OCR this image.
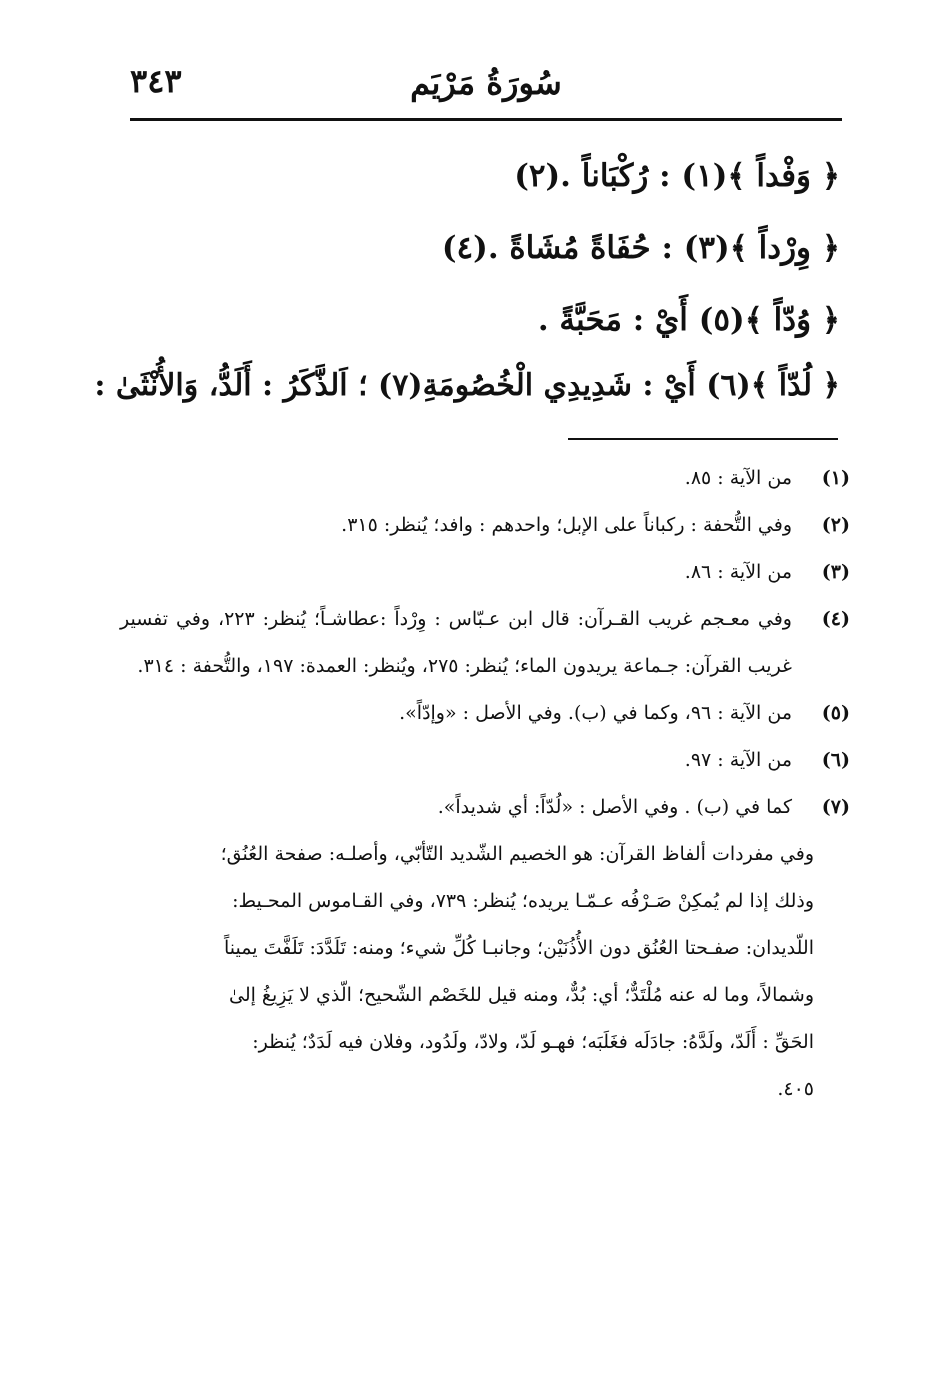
٣٤٣	سُورَةُ مَرْيَم
﴿ وَفْداً ﴾(١) : رُكْبَاناً .(٢)
﴿ وِرْداً ﴾(٣) : حُفَاةً مُشَاةً .(٤)
﴿ وُدّاً ﴾(٥) أَيْ : مَحَبَّةً .
﴿ لُدّاً ﴾(٦) أَيْ : شَدِيدِي الْخُصُومَةِ(٧) ؛ اَلذَّكَرُ : أَلَدُّ، وَالأُنْثَىٰ :
(١)
من الآية : ٨٥.
(٢)
وفي التُّحفة : ركباناً على الإبل؛ واحدهم : وافد؛ يُنظر: ٣١٥.
(٣)
من الآية : ٨٦.
(٤)
وفي معـجم غريب القـرآن: قال ابن عـبّاس : وِرْداً :عطاشـاً؛ يُنظر: ٢٢٣، وفي تفسير غريب القرآن: جـماعة يريدون الماء؛ يُنظر: ٢٧٥، ويُنظر: العمدة: ١٩٧، والتُّحفة : ٣١٤.
(٥)
من الآية : ٩٦، وكما في (ب). وفي الأصل : «وإدّاً».
(٦)
من الآية : ٩٧.
(٧)
كما في (ب) . وفي الأصل : «لُدّاً: أي شديداً».
وفي مفردات ألفاظ القرآن: هو الخصيم الشّديد التّأبّي، وأصلـه: صفحة العُنُق؛
وذلك إذا لم يُمكِنْ صَـرْفُه عـمّـا يريده؛ يُنظر: ٧٣٩، وفي القـاموس المحـيط:
اللّديدان: صفـحتا العُنُق دون الأُذُنَيْن؛ وجانبـا كُلِّ شيء؛ ومنه: تَلَدَّدَ: تَلَفَّتَ يميناً
وشمالاً، وما له عنه مُلْتَدٌّ؛ أي: بُدٌّ، ومنه قيل للخَصْم الشّحيح؛ الّذي لا يَزِيغُ إلىٰ
الحَقِّ : أَلَدّ، ولَدَّهُ: جادَلَه فغَلَبَه؛ فهـو لَدّ، ولادّ، ولَدُود، وفلان فيه لَدَدٌ؛ يُنظر:
٤٠٥.
